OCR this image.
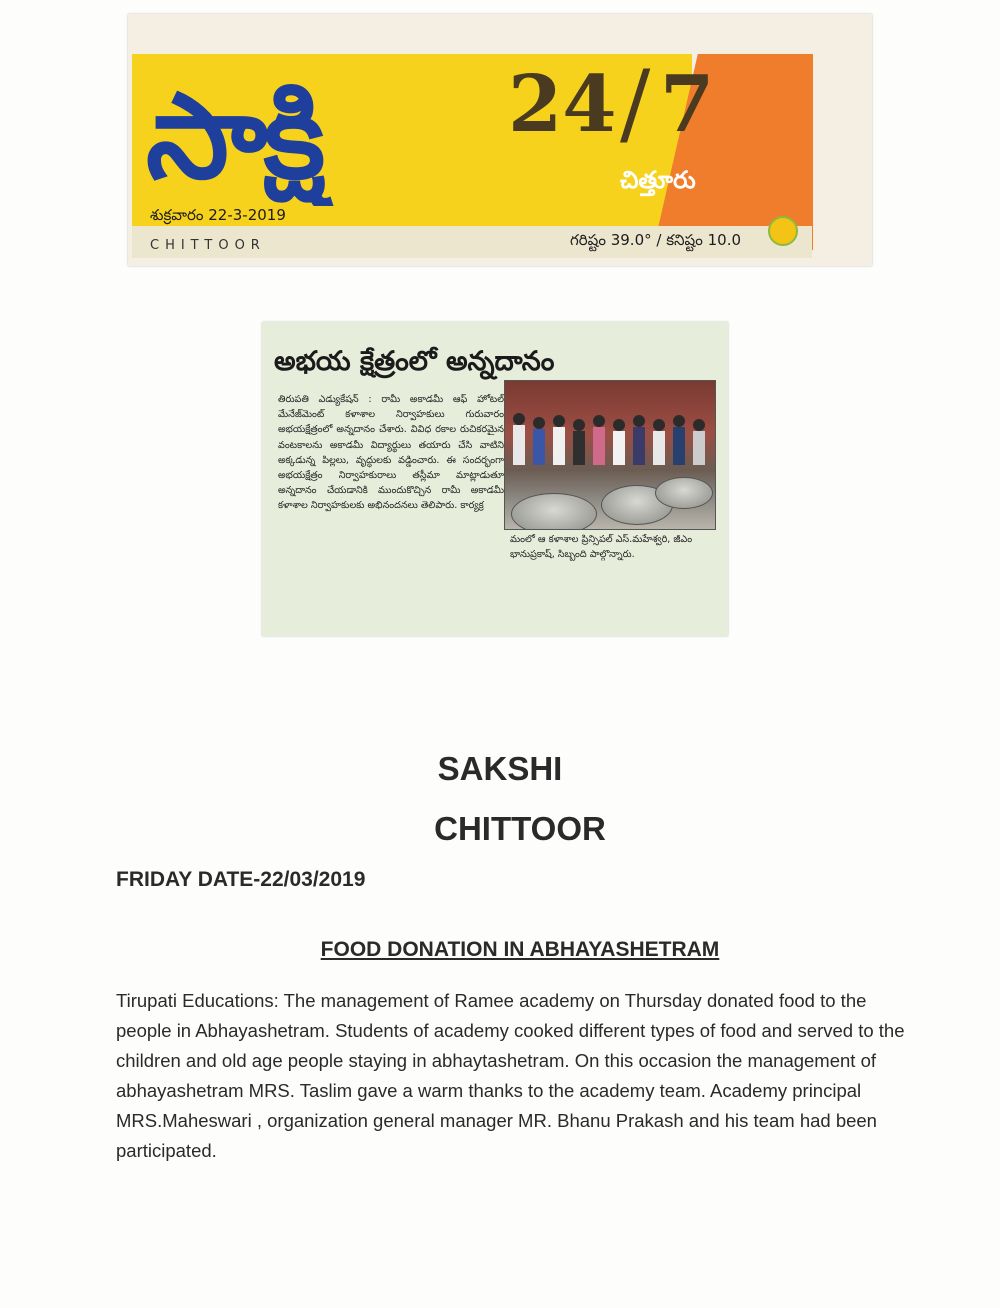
సాక్షి	24 / 7
చిత్తూరు
శుక్రవారం 22-3-2019
CHITTOOR	గరిష్టం 39.0° / కనిష్టం 10.0
అభయ క్షేత్రంలో అన్నదానం
తిరుపతి ఎడ్యుకేషన్ : రామీ అకాడమీ ఆఫ్ హోటల్ మేనేజ్‌మెంట్ కళాశాల నిర్వాహకులు గురువారం అభయక్షేత్రంలో అన్నదానం చేశారు. వివిధ రకాల రుచికరమైన వంటకాలను అకాడమీ విద్యార్థులు తయారు చేసి వాటిని అక్కడున్న పిల్లలు, వృద్ధులకు వడ్డించారు. ఈ సందర్భంగా అభయక్షేత్రం నిర్వాహకురాలు తస్లీమా మాట్లాడుతూ అన్నదానం చేయడానికి ముందుకొచ్చిన రామీ అకాడమీ కళాశాల నిర్వాహకులకు అభినందనలు తెలిపారు. కార్యక్ర
మంలో ఆ కళాశాల ప్రిన్సిపల్ ఎస్.మహేశ్వరి, జీఎం భానుప్రకాష్, సిబ్బంది పాల్గొన్నారు.
SAKSHI
CHITTOOR
FRIDAY DATE-22/03/2019
FOOD DONATION IN ABHAYASHETRAM
Tirupati Educations: The management of Ramee academy on Thursday donated food to the people in Abhayashetram. Students of academy cooked different types of food and served to the children and old age people staying in abhaytashetram. On this occasion the management of abhayashetram MRS. Taslim gave a warm thanks to the academy team. Academy principal MRS.Maheswari , organization general manager MR. Bhanu Prakash and his team had been participated.
